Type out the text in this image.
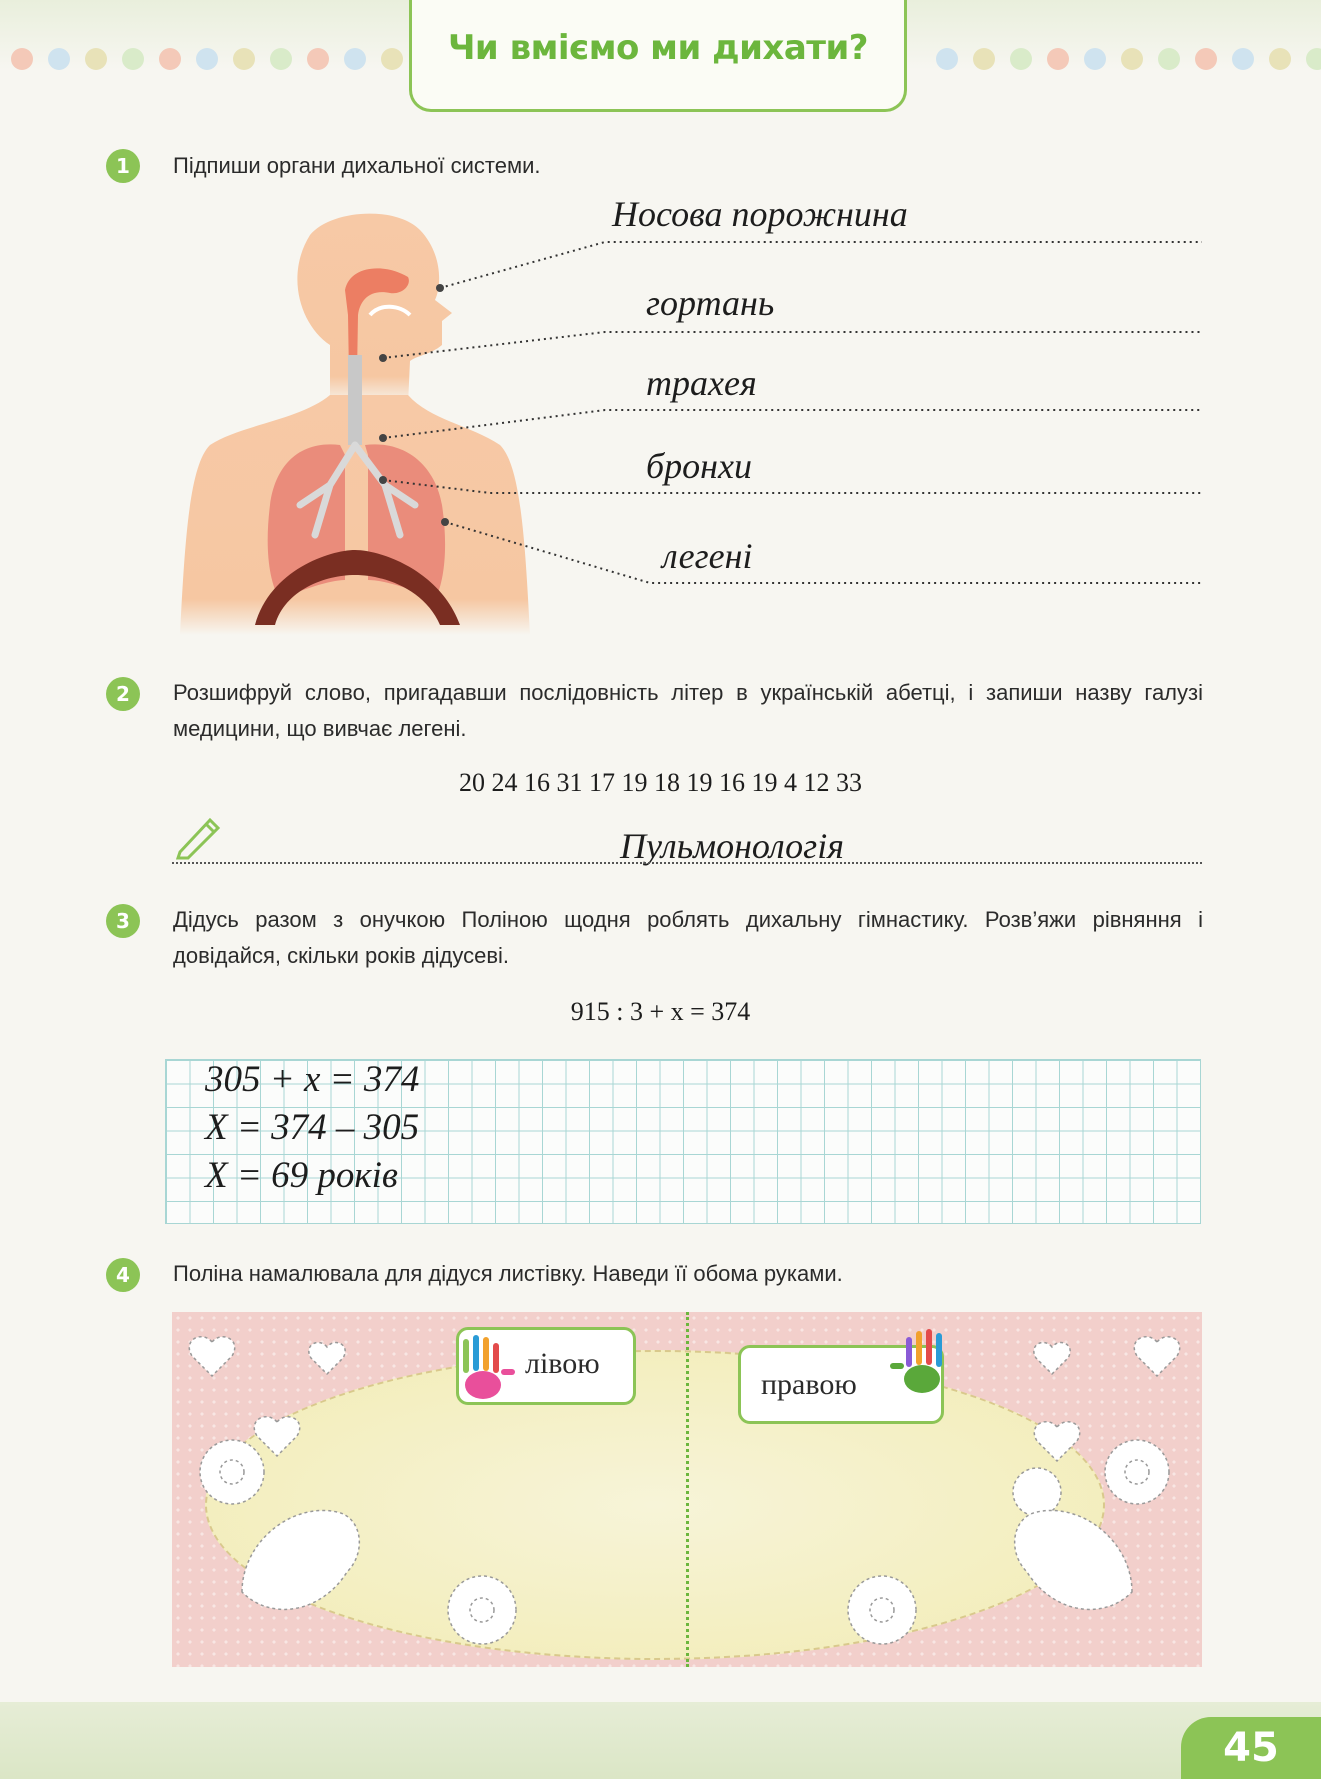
Чи вміємо ми дихати?
1	Підпиши органи дихальної системи.
Носова порожнина
гортань
трахея
бронхи
легені
2	Розшифруй слово, пригадавши послідовність літер в українській абетці, і запиши назву галузі медицини, що вивчає легені.
20 24 16 31 17 19 18 19 16 19 4 12 33
Пульмонологія
3	Дідусь разом з онучкою Поліною щодня роблять дихальну гімнастику. Розв’яжи рівняння і довідайся, скільки років дідусеві.
915 : 3 + x = 374
305 + x = 374
X = 374 – 305
X = 69 років
4	Поліна намалювала для дідуся листівку. Наведи її обома руками.
лівою
правою
45
